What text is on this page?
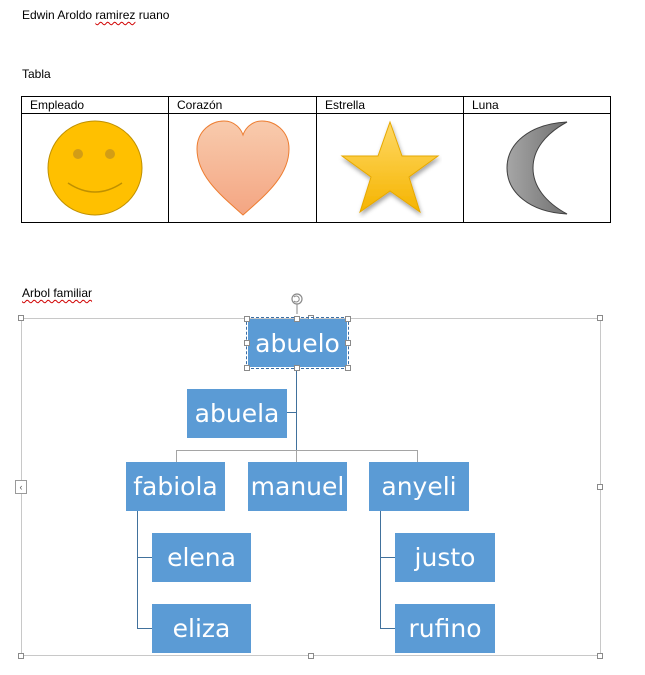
Edwin Aroldo ramirez ruano
Tabla
Empleado	Corazón	Estrella	Luna

Arbol familiar
‹
abuelo
abuela
fabiola manuel	anyeli
elena
eliza
justo
rufino
